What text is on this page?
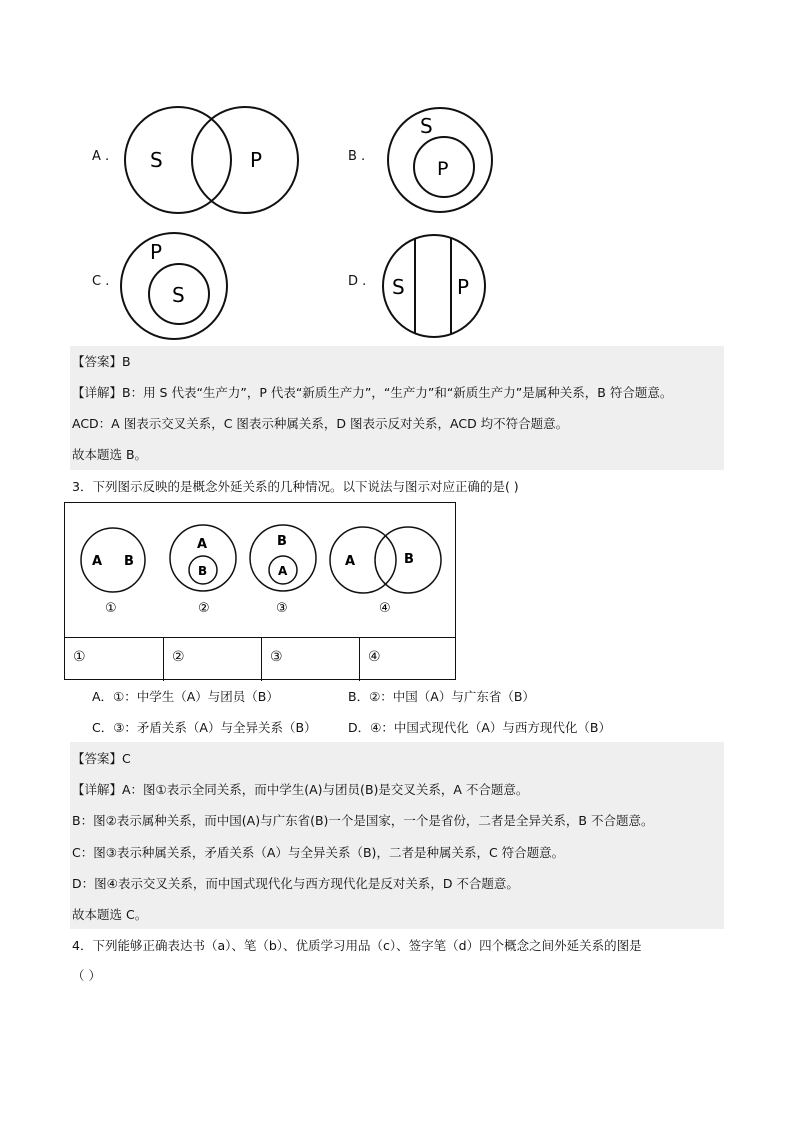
A . S	P	B .
S
P
C .
P
S
D . S	P
【答案】B
【详解】B：用 S 代表“生产力”，P 代表“新质生产力”，“生产力”和“新质生产力”是属种关系，B 符合题意。
ACD：A 图表示交叉关系，C 图表示种属关系，D 图表示反对关系，ACD 均不符合题意。
故本题选 B。
3．下列图示反映的是概念外延关系的几种情况。以下说法与图示对应正确的是( )
A B
①
A
B
②
B
A
③
A	B
④
①	②	③	④
A．①：中学生（A）与团员（B）	B．②：中国（A）与广东省（B）
C．③：矛盾关系（A）与全异关系（B）	D．④：中国式现代化（A）与西方现代化（B）
【答案】C
【详解】A：图①表示全同关系，而中学生(A)与团员(B)是交叉关系，A 不合题意。
B：图②表示属种关系，而中国(A)与广东省(B)一个是国家，一个是省份，二者是全异关系，B 不合题意。
C：图③表示种属关系，矛盾关系（A）与全异关系（B)，二者是种属关系，C 符合题意。
D：图④表示交叉关系，而中国式现代化与西方现代化是反对关系，D 不合题意。
故本题选 C。
4．下列能够正确表达书（a）、笔（b）、优质学习用品（c）、签字笔（d）四个概念之间外延关系的图是
（ ）
